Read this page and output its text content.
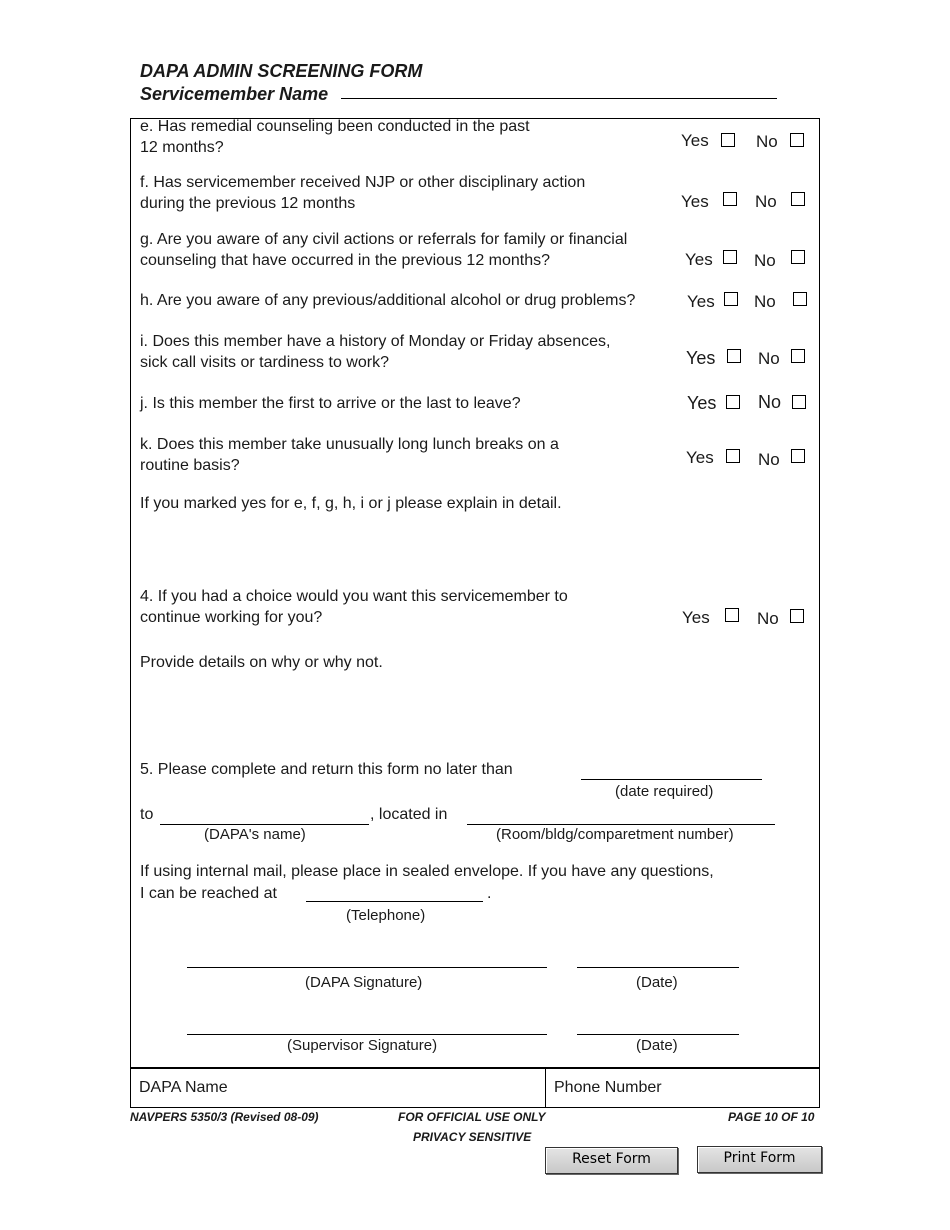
DAPA ADMIN SCREENING FORM
Servicemember Name
e. Has remedial counseling been conducted in the past
12 months?	Yes	No
f. Has servicemember received NJP or other disciplinary action
during the previous 12 months	Yes	No
g. Are you aware of any civil actions or referrals for family or financial
counseling that have occurred in the previous 12 months?	Yes No
h. Are you aware of any previous/additional alcohol or drug problems?	Yes No
i. Does this member have a history of Monday or Friday absences,
sick call visits or tardiness to work?	Yes	No
j. Is this member the first to arrive or the last to leave?	Yes No
k. Does this member take unusually long lunch breaks on a
routine basis?	Yes	No
If you marked yes for e, f, g, h, i or j please explain in detail.
4. If you had a choice would you want this servicemember to
continue working for you?	Yes	No
Provide details on why or why not.
5. Please complete and return this form no later than
(date required)
to	, located in
(DAPA's name)	(Room/bldg/comparetment number)
If using internal mail, please place in sealed envelope. If you have any questions,
I can be reached at	.
(Telephone)
(DAPA Signature)	(Date)
(Supervisor Signature)	(Date)
DAPA Name	Phone Number
NAVPERS 5350/3 (Revised 08-09)	FOR OFFICIAL USE ONLY
PRIVACY SENSITIVE
PAGE 10 OF 10
Reset Form	Print Form
